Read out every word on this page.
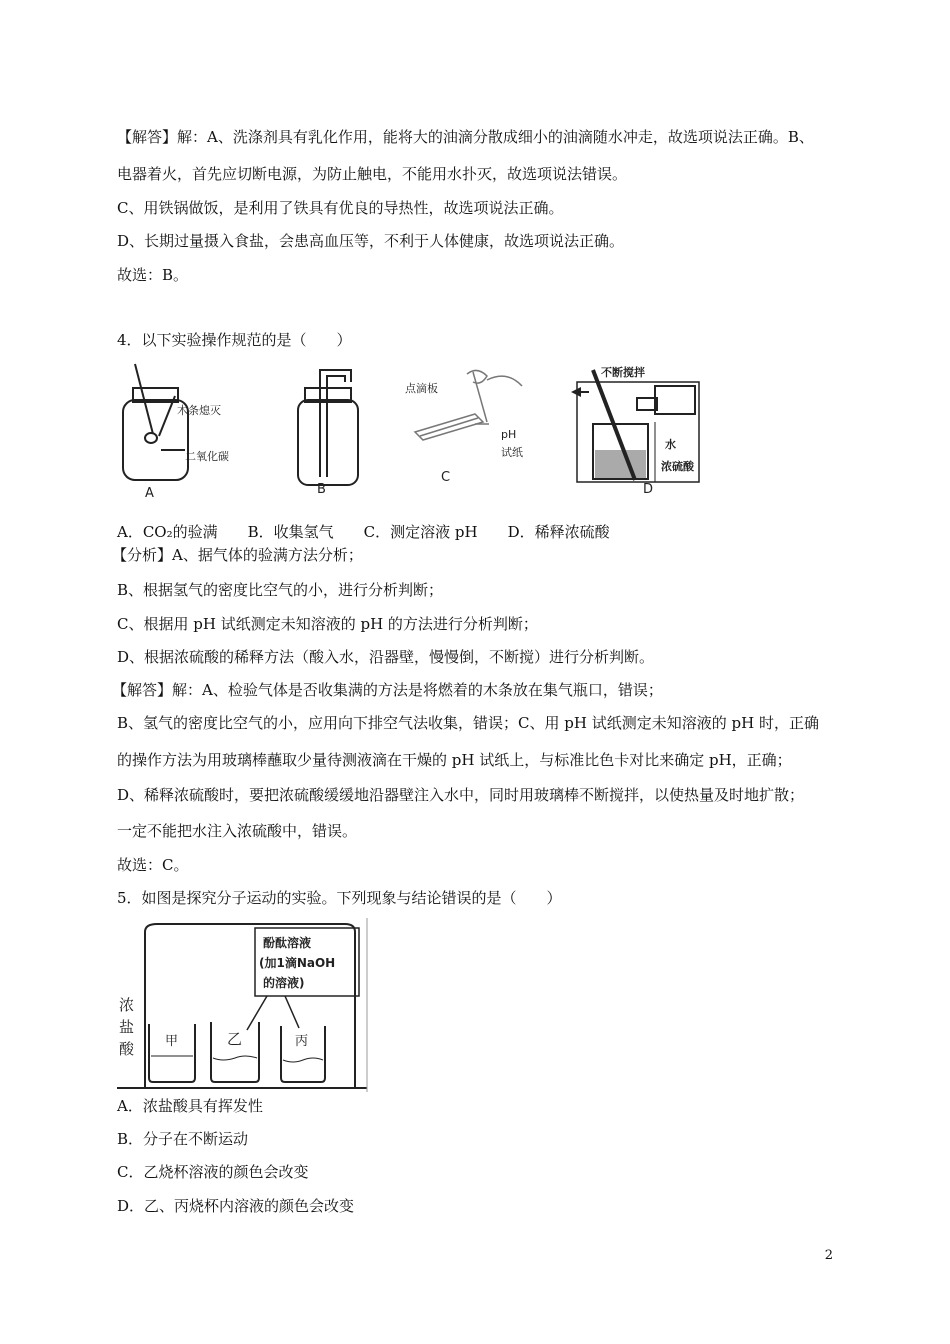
【解答】解：A、洗涤剂具有乳化作用，能将大的油滴分散成细小的油滴随水冲走，故选项说法正确。B、
电器着火，首先应切断电源，为防止触电，不能用水扑灭，故选项说法错误。
C、用铁锅做饭，是利用了铁具有优良的导热性，故选项说法正确。
D、长期过量摄入食盐，会患高血压等，不利于人体健康，故选项说法正确。
故选：B。
4．以下实验操作规范的是（　　）
木条熄灭
二氧化碳
点滴板
pH
试纸
不断搅拌
水
浓硫酸
A	B
C
D
A．CO₂的验满　　B．收集氢气　　C．测定溶液 pH　　D．稀释浓硫酸
【分析】A、据气体的验满方法分析；
B、根据氢气的密度比空气的小，进行分析判断；
C、根据用 pH 试纸测定未知溶液的 pH 的方法进行分析判断；
D、根据浓硫酸的稀释方法（酸入水，沿器壁，慢慢倒，不断搅）进行分析判断。
【解答】解：A、检验气体是否收集满的方法是将燃着的木条放在集气瓶口，错误；
B、氢气的密度比空气的小，应用向下排空气法收集，错误；C、用 pH 试纸测定未知溶液的 pH 时，正确
的操作方法为用玻璃棒蘸取少量待测液滴在干燥的 pH 试纸上，与标准比色卡对比来确定 pH，正确；
D、稀释浓硫酸时，要把浓硫酸缓缓地沿器壁注入水中，同时用玻璃棒不断搅拌，以使热量及时地扩散；
一定不能把水注入浓硫酸中，错误。
故选：C。
5．如图是探究分子运动的实验。下列现象与结论错误的是（　　）
酚酞溶液
(加1滴NaOH
的溶液)
浓
盐
酸 甲	乙	丙
A．浓盐酸具有挥发性
B．分子在不断运动
C．乙烧杯溶液的颜色会改变
D．乙、丙烧杯内溶液的颜色会改变
2
